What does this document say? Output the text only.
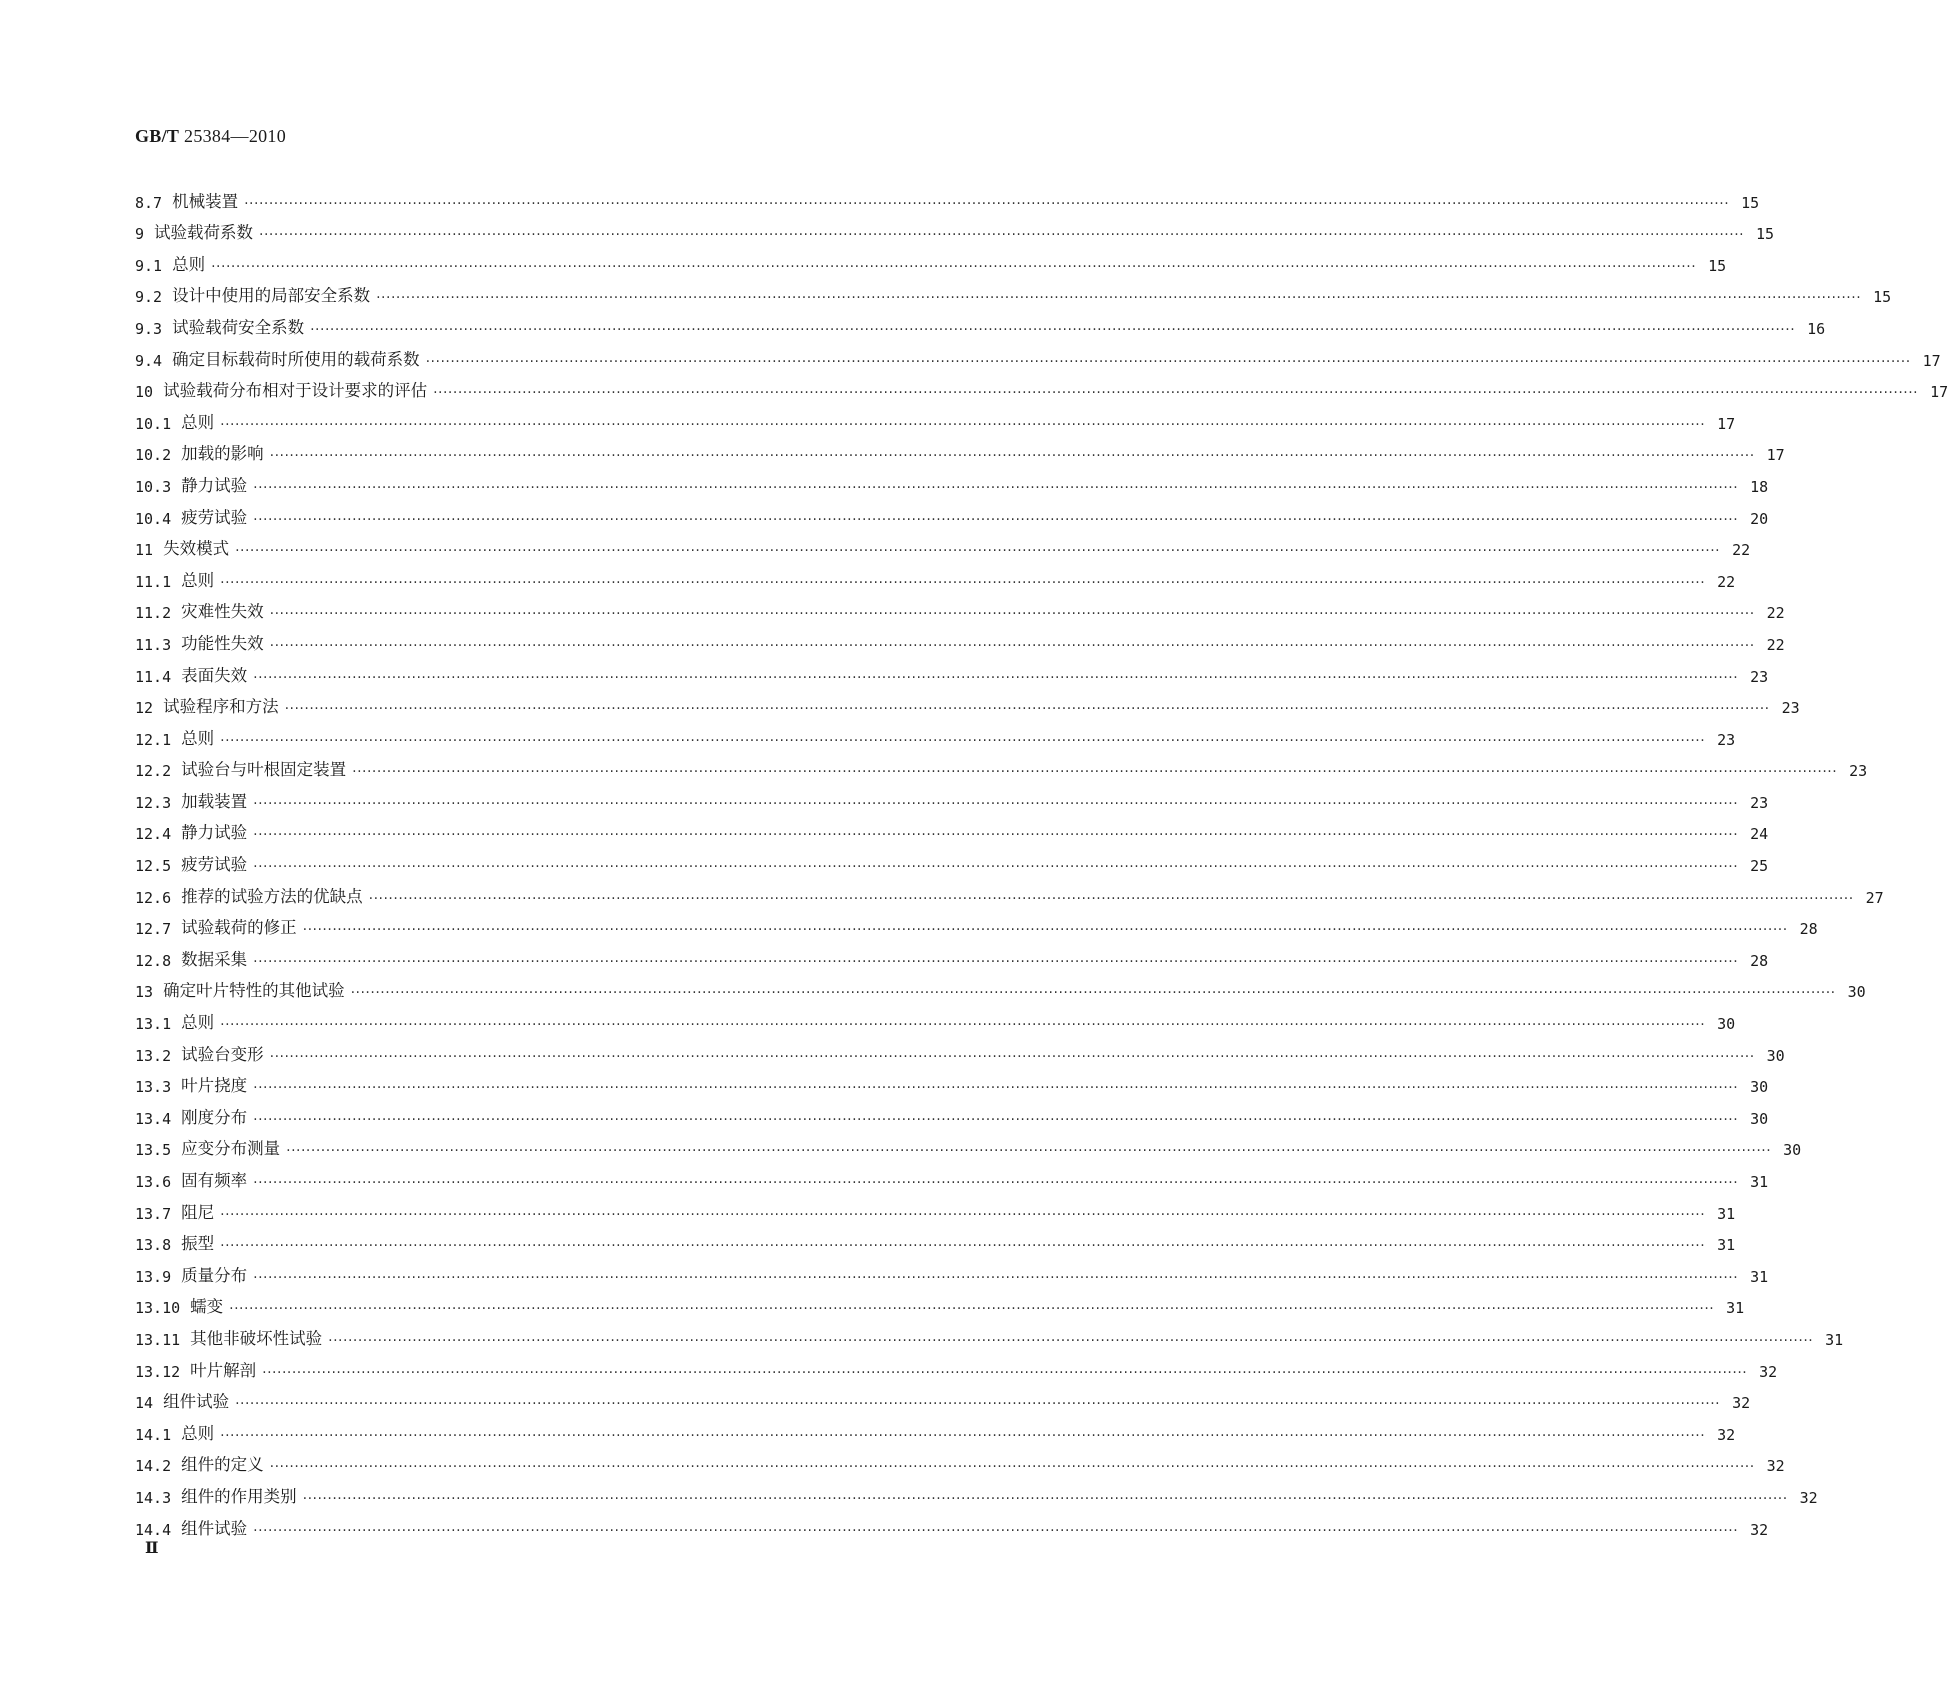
GB/T 25384—2010
8.7 机械装置 ············································································································································································································································································································ 15
9 试验载荷系数 ············································································································································································································································································································ 15
9.1 总则 ············································································································································································································································································································ 15
9.2 设计中使用的局部安全系数 ············································································································································································································································································································ 15
9.3 试验载荷安全系数 ············································································································································································································································································································ 16
9.4 确定目标载荷时所使用的载荷系数 ············································································································································································································································································································ 17
10 试验载荷分布相对于设计要求的评估 ············································································································································································································································································································ 17
10.1 总则 ············································································································································································································································································································ 17
10.2 加载的影响 ············································································································································································································································································································ 17
10.3 静力试验 ············································································································································································································································································································ 18
10.4 疲劳试验 ············································································································································································································································································································ 20
11 失效模式 ············································································································································································································································································································ 22
11.1 总则 ············································································································································································································································································································ 22
11.2 灾难性失效 ············································································································································································································································································································ 22
11.3 功能性失效 ············································································································································································································································································································ 22
11.4 表面失效 ············································································································································································································································································································ 23
12 试验程序和方法 ············································································································································································································································································································ 23
12.1 总则 ············································································································································································································································································································ 23
12.2 试验台与叶根固定装置 ············································································································································································································································································································ 23
12.3 加载装置 ············································································································································································································································································································ 23
12.4 静力试验 ············································································································································································································································································································ 24
12.5 疲劳试验 ············································································································································································································································································································ 25
12.6 推荐的试验方法的优缺点 ············································································································································································································································································································ 27
12.7 试验载荷的修正 ············································································································································································································································································································ 28
12.8 数据采集 ············································································································································································································································································································ 28
13 确定叶片特性的其他试验 ············································································································································································································································································································ 30
13.1 总则 ············································································································································································································································································································ 30
13.2 试验台变形 ············································································································································································································································································································ 30
13.3 叶片挠度 ············································································································································································································································································································ 30
13.4 刚度分布 ············································································································································································································································································································ 30
13.5 应变分布测量 ············································································································································································································································································································ 30
13.6 固有频率 ············································································································································································································································································································ 31
13.7 阻尼 ············································································································································································································································································································ 31
13.8 振型 ············································································································································································································································································································ 31
13.9 质量分布 ············································································································································································································································································································ 31
13.10 蠕变 ············································································································································································································································································································ 31
13.11 其他非破坏性试验 ············································································································································································································································································································ 31
13.12 叶片解剖 ············································································································································································································································································································ 32
14 组件试验 ············································································································································································································································································································ 32
14.1 总则 ············································································································································································································································································································ 32
14.2 组件的定义 ············································································································································································································································································································ 32
14.3 组件的作用类别 ············································································································································································································································································································ 32
14.4 组件试验 ············································································································································································································································································································ 32
Ⅱ
